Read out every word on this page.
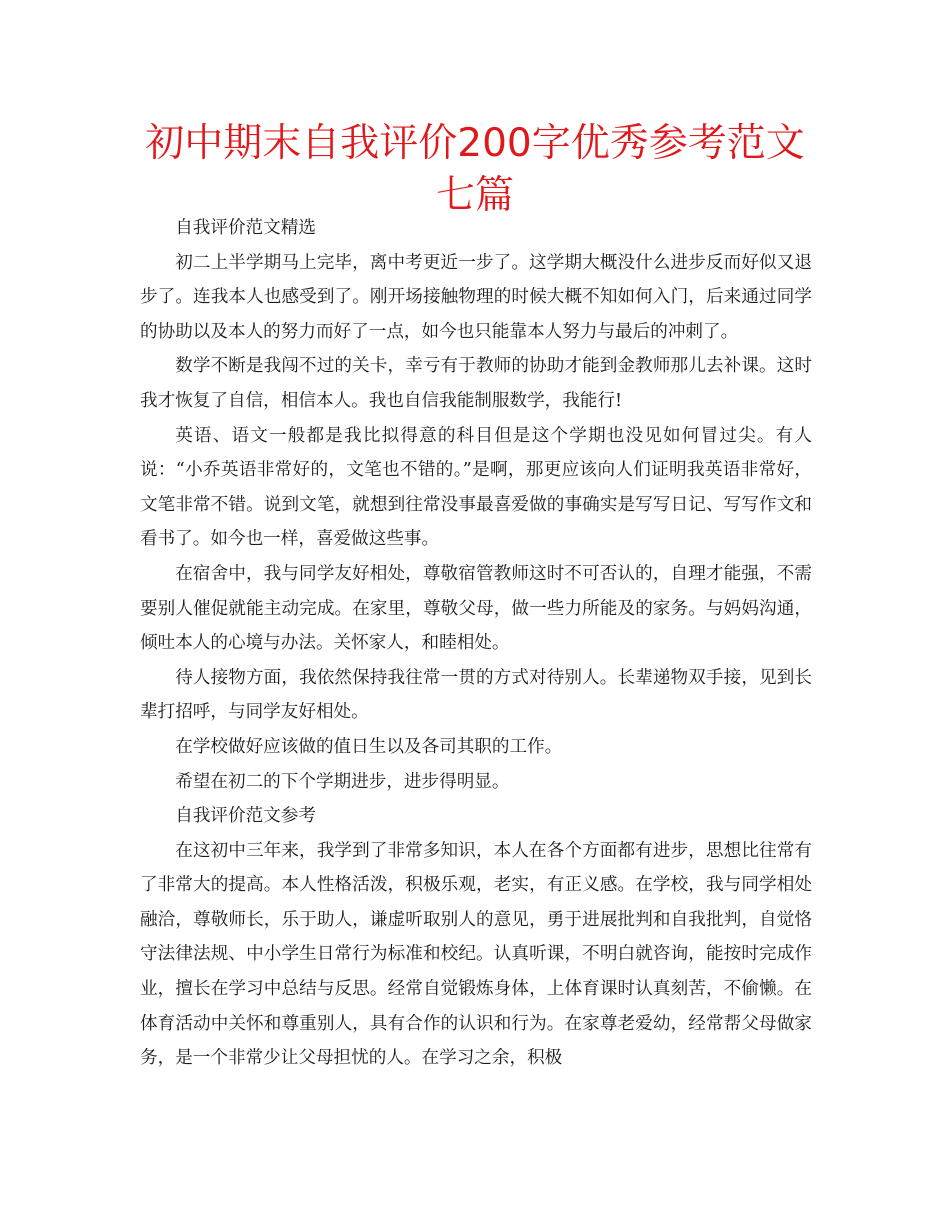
初中期末自我评价200字优秀参考范文七篇

自我评价范文精选

初二上半学期马上完毕，离中考更近一步了。这学期大概没什么进步反而好似又退步了。连我本人也感受到了。刚开场接触物理的时候大概不知如何入门，后来通过同学的协助以及本人的努力而好了一点，如今也只能靠本人努力与最后的冲刺了。

数学不断是我闯不过的关卡，幸亏有于教师的协助才能到金教师那儿去补课。这时我才恢复了自信，相信本人。我也自信我能制服数学，我能行!

英语、语文一般都是我比拟得意的科目但是这个学期也没见如何冒过尖。有人说：“小乔英语非常好的，文笔也不错的。”是啊，那更应该向人们证明我英语非常好，文笔非常不错。说到文笔，就想到往常没事最喜爱做的事确实是写写日记、写写作文和看书了。如今也一样，喜爱做这些事。

在宿舍中，我与同学友好相处，尊敬宿管教师这时不可否认的，自理才能强，不需要别人催促就能主动完成。在家里，尊敬父母，做一些力所能及的家务。与妈妈沟通，倾吐本人的心境与办法。关怀家人，和睦相处。

待人接物方面，我依然保持我往常一贯的方式对待别人。长辈递物双手接，见到长辈打招呼，与同学友好相处。

在学校做好应该做的值日生以及各司其职的工作。

希望在初二的下个学期进步，进步得明显。

自我评价范文参考

在这初中三年来，我学到了非常多知识，本人在各个方面都有进步，思想比往常有了非常大的提高。本人性格活泼，积极乐观，老实，有正义感。在学校，我与同学相处融洽，尊敬师长，乐于助人，谦虚听取别人的意见，勇于进展批判和自我批判，自觉恪守法律法规、中小学生日常行为标准和校纪。认真听课，不明白就咨询，能按时完成作业，擅长在学习中总结与反思。经常自觉锻炼身体，上体育课时认真刻苦，不偷懒。在体育活动中关怀和尊重别人，具有合作的认识和行为。在家尊老爱幼，经常帮父母做家务，是一个非常少让父母担忧的人。在学习之余，积极
